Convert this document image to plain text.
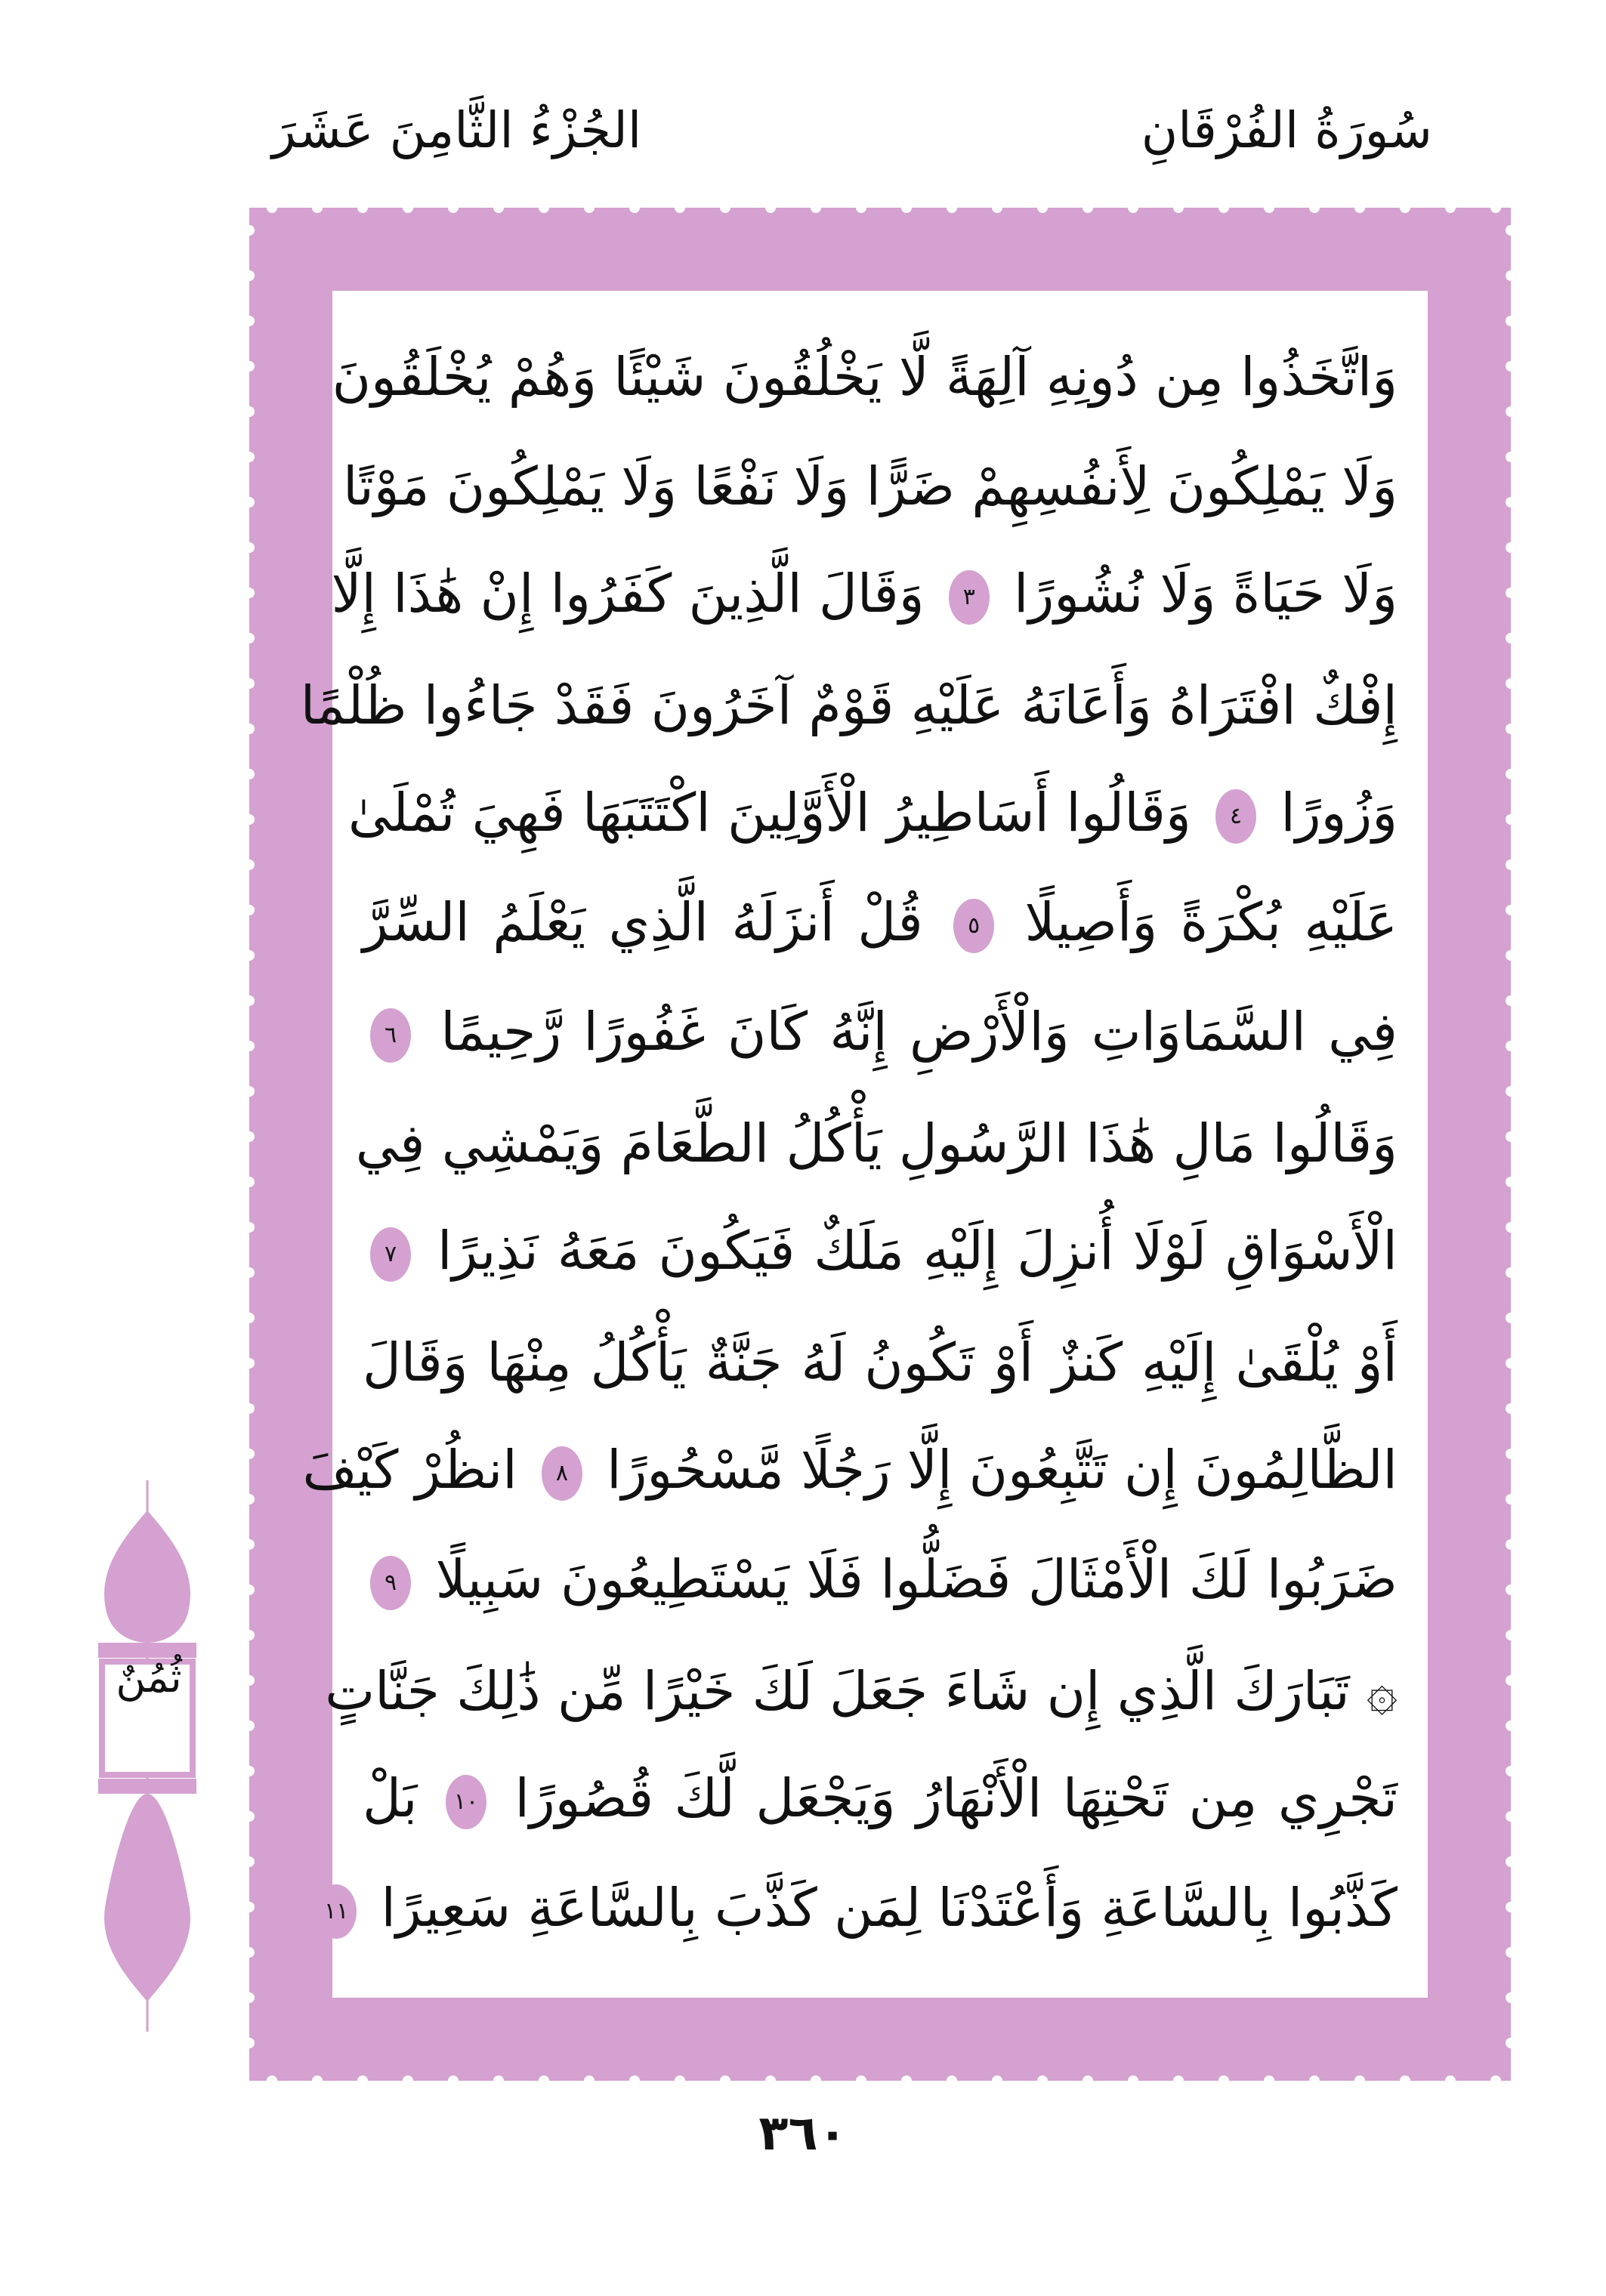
سُورَةُ الفُرْقَانِ
الجُزْءُ الثَّامِنَ عَشَرَ
وَاتَّخَذُوا مِن دُونِهِ آلِهَةً لَّا يَخْلُقُونَ شَيْئًا وَهُمْ يُخْلَقُونَ
وَلَا يَمْلِكُونَ لِأَنفُسِهِمْ ضَرًّا وَلَا نَفْعًا وَلَا يَمْلِكُونَ مَوْتًا
وَلَا حَيَاةً وَلَا نُشُورًا ٣ وَقَالَ الَّذِينَ كَفَرُوا إِنْ هَٰذَا إِلَّا
إِفْكٌ افْتَرَاهُ وَأَعَانَهُ عَلَيْهِ قَوْمٌ آخَرُونَ فَقَدْ جَاءُوا ظُلْمًا
وَزُورًا ٤ وَقَالُوا أَسَاطِيرُ الْأَوَّلِينَ اكْتَتَبَهَا فَهِيَ تُمْلَىٰ
عَلَيْهِ بُكْرَةً وَأَصِيلًا ٥ قُلْ أَنزَلَهُ الَّذِي يَعْلَمُ السِّرَّ
فِي السَّمَاوَاتِ وَالْأَرْضِ إِنَّهُ كَانَ غَفُورًا رَّحِيمًا ٦
وَقَالُوا مَالِ هَٰذَا الرَّسُولِ يَأْكُلُ الطَّعَامَ وَيَمْشِي فِي
الْأَسْوَاقِ لَوْلَا أُنزِلَ إِلَيْهِ مَلَكٌ فَيَكُونَ مَعَهُ نَذِيرًا ٧
أَوْ يُلْقَىٰ إِلَيْهِ كَنزٌ أَوْ تَكُونُ لَهُ جَنَّةٌ يَأْكُلُ مِنْهَا وَقَالَ
الظَّالِمُونَ إِن تَتَّبِعُونَ إِلَّا رَجُلًا مَّسْحُورًا ٨ انظُرْ كَيْفَ
ضَرَبُوا لَكَ الْأَمْثَالَ فَضَلُّوا فَلَا يَسْتَطِيعُونَ سَبِيلًا ٩
۞ تَبَارَكَ الَّذِي إِن شَاءَ جَعَلَ لَكَ خَيْرًا مِّن ذَٰلِكَ جَنَّاتٍ
تَجْرِي مِن تَحْتِهَا الْأَنْهَارُ وَيَجْعَل لَّكَ قُصُورًا ١٠ بَلْ
كَذَّبُوا بِالسَّاعَةِ وَأَعْتَدْنَا لِمَن كَذَّبَ بِالسَّاعَةِ سَعِيرًا ١١
ثُمُنٌ
٣٦٠
